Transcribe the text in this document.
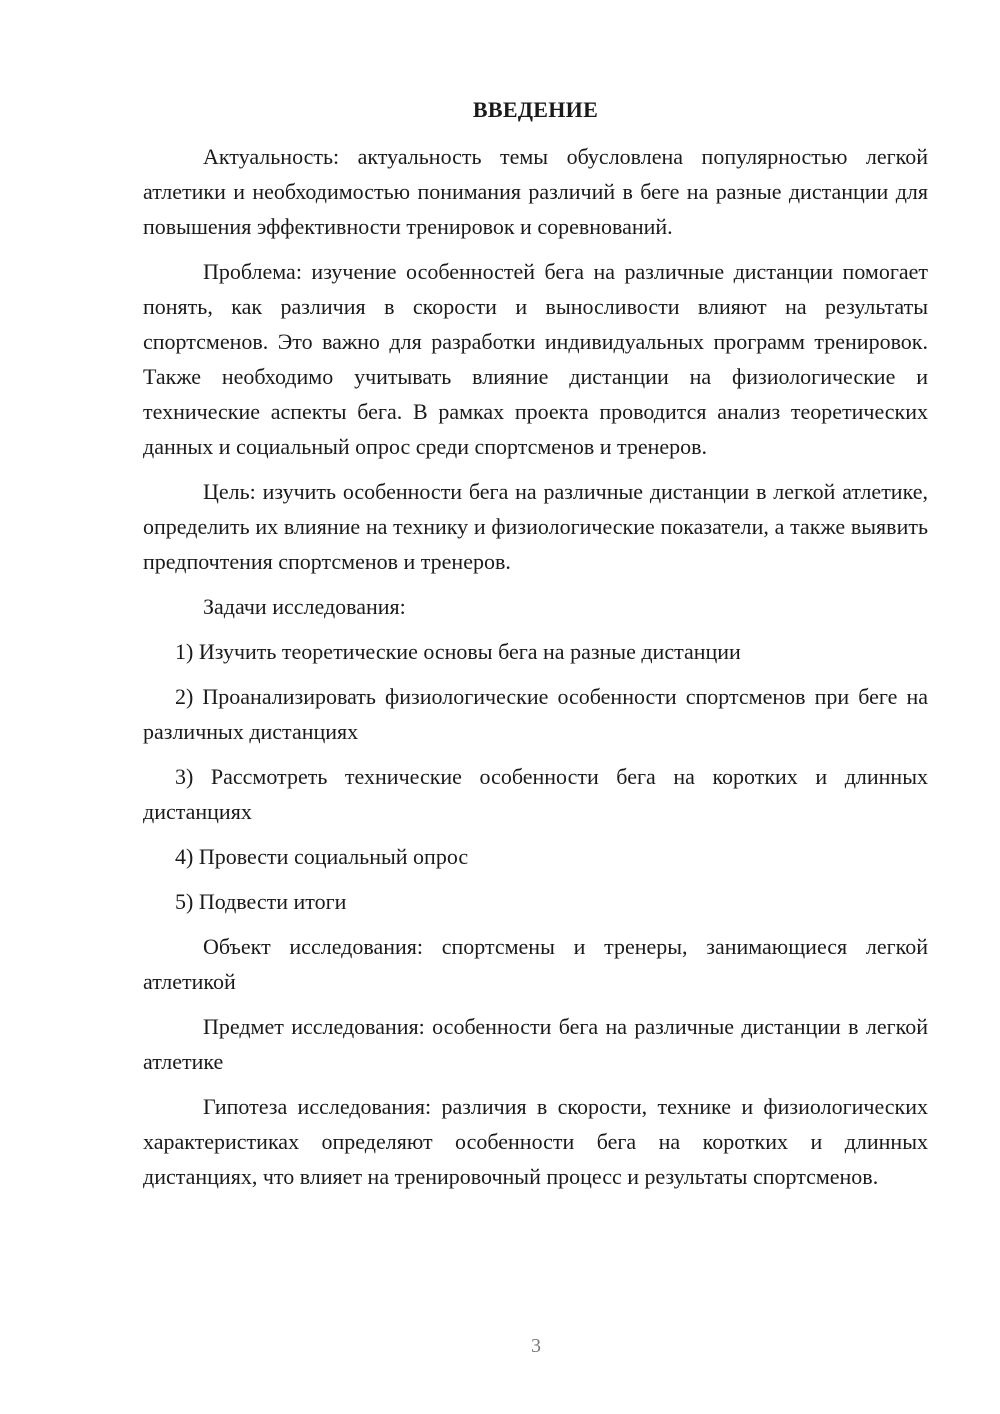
ВВЕДЕНИЕ

Актуальность: актуальность темы обусловлена популярностью легкой атлетики и необходимостью понимания различий в беге на разные дистанции для повышения эффективности тренировок и соревнований.

Проблема: изучение особенностей бега на различные дистанции помогает понять, как различия в скорости и выносливости влияют на результаты спортсменов. Это важно для разработки индивидуальных программ тренировок. Также необходимо учитывать влияние дистанции на физиологические и технические аспекты бега. В рамках проекта проводится анализ теоретических данных и социальный опрос среди спортсменов и тренеров.

Цель: изучить особенности бега на различные дистанции в легкой атлетике, определить их влияние на технику и физиологические показатели, а также выявить предпочтения спортсменов и тренеров.

Задачи исследования:

1) Изучить теоретические основы бега на разные дистанции

2) Проанализировать физиологические особенности спортсменов при беге на различных дистанциях

3) Рассмотреть технические особенности бега на коротких и длинных дистанциях

4) Провести социальный опрос

5) Подвести итоги

Объект исследования: спортсмены и тренеры, занимающиеся легкой атлетикой

Предмет исследования: особенности бега на различные дистанции в легкой атлетике

Гипотеза исследования: различия в скорости, технике и физиологических характеристиках определяют особенности бега на коротких и длинных дистанциях, что влияет на тренировочный процесс и результаты спортсменов.

3
